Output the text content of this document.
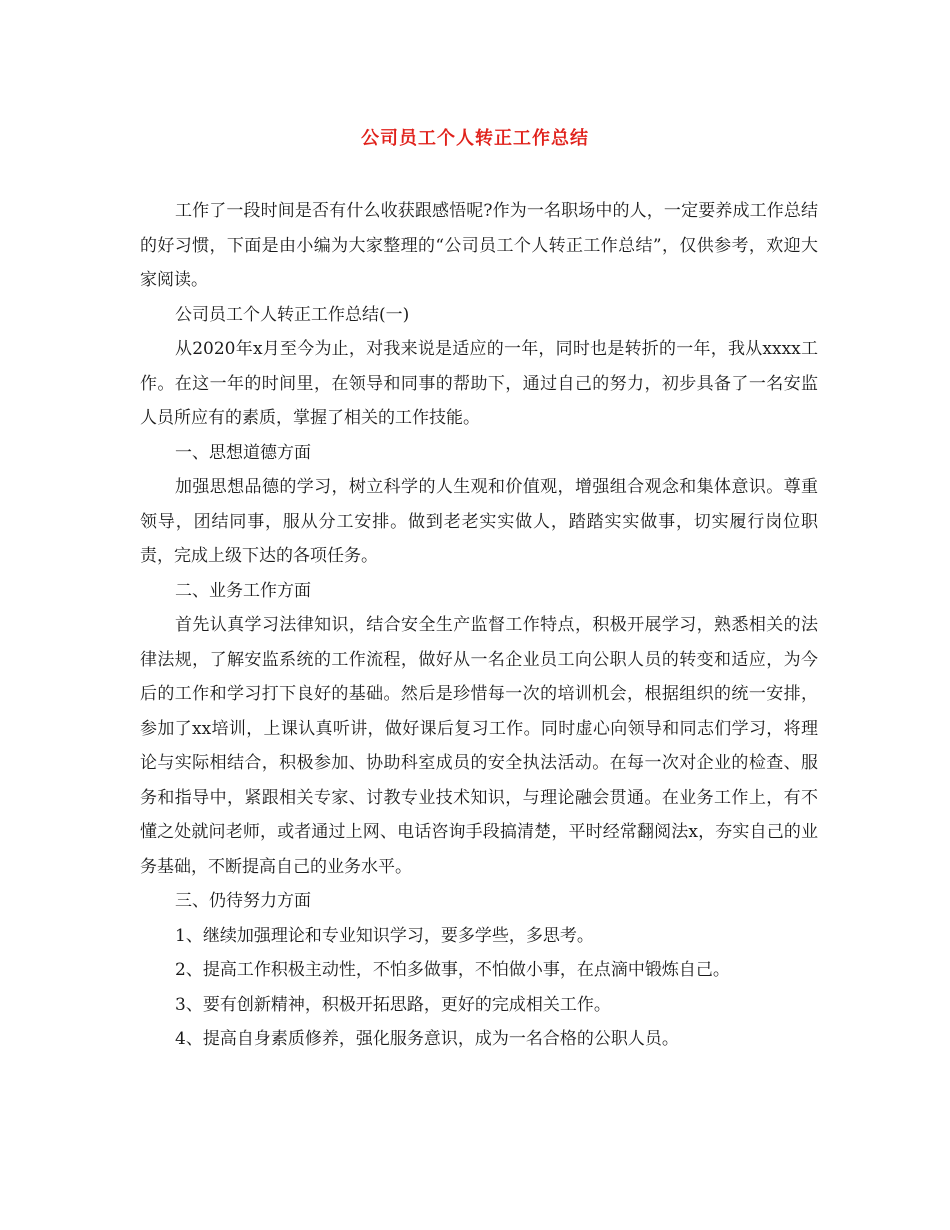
公司员工个人转正工作总结

工作了一段时间是否有什么收获跟感悟呢?作为一名职场中的人，一定要养成工作总结的好习惯，下面是由小编为大家整理的“公司员工个人转正工作总结”，仅供参考，欢迎大家阅读。

公司员工个人转正工作总结(一)

从2020年x月至今为止，对我来说是适应的一年，同时也是转折的一年，我从xxxx工作。在这一年的时间里，在领导和同事的帮助下，通过自己的努力，初步具备了一名安监人员所应有的素质，掌握了相关的工作技能。

一、思想道德方面

加强思想品德的学习，树立科学的人生观和价值观，增强组合观念和集体意识。尊重领导，团结同事，服从分工安排。做到老老实实做人，踏踏实实做事，切实履行岗位职责，完成上级下达的各项任务。

二、业务工作方面

首先认真学习法律知识，结合安全生产监督工作特点，积极开展学习，熟悉相关的法律法规，了解安监系统的工作流程，做好从一名企业员工向公职人员的转变和适应，为今后的工作和学习打下良好的基础。然后是珍惜每一次的培训机会，根据组织的统一安排，参加了xx培训，上课认真听讲，做好课后复习工作。同时虚心向领导和同志们学习，将理论与实际相结合，积极参加、协助科室成员的安全执法活动。在每一次对企业的检查、服务和指导中，紧跟相关专家、讨教专业技术知识，与理论融会贯通。在业务工作上，有不懂之处就问老师，或者通过上网、电话咨询手段搞清楚，平时经常翻阅法x，夯实自己的业务基础，不断提高自己的业务水平。

三、仍待努力方面

1、继续加强理论和专业知识学习，要多学些，多思考。

2、提高工作积极主动性，不怕多做事，不怕做小事，在点滴中锻炼自己。

3、要有创新精神，积极开拓思路，更好的完成相关工作。

4、提高自身素质修养，强化服务意识，成为一名合格的公职人员。
